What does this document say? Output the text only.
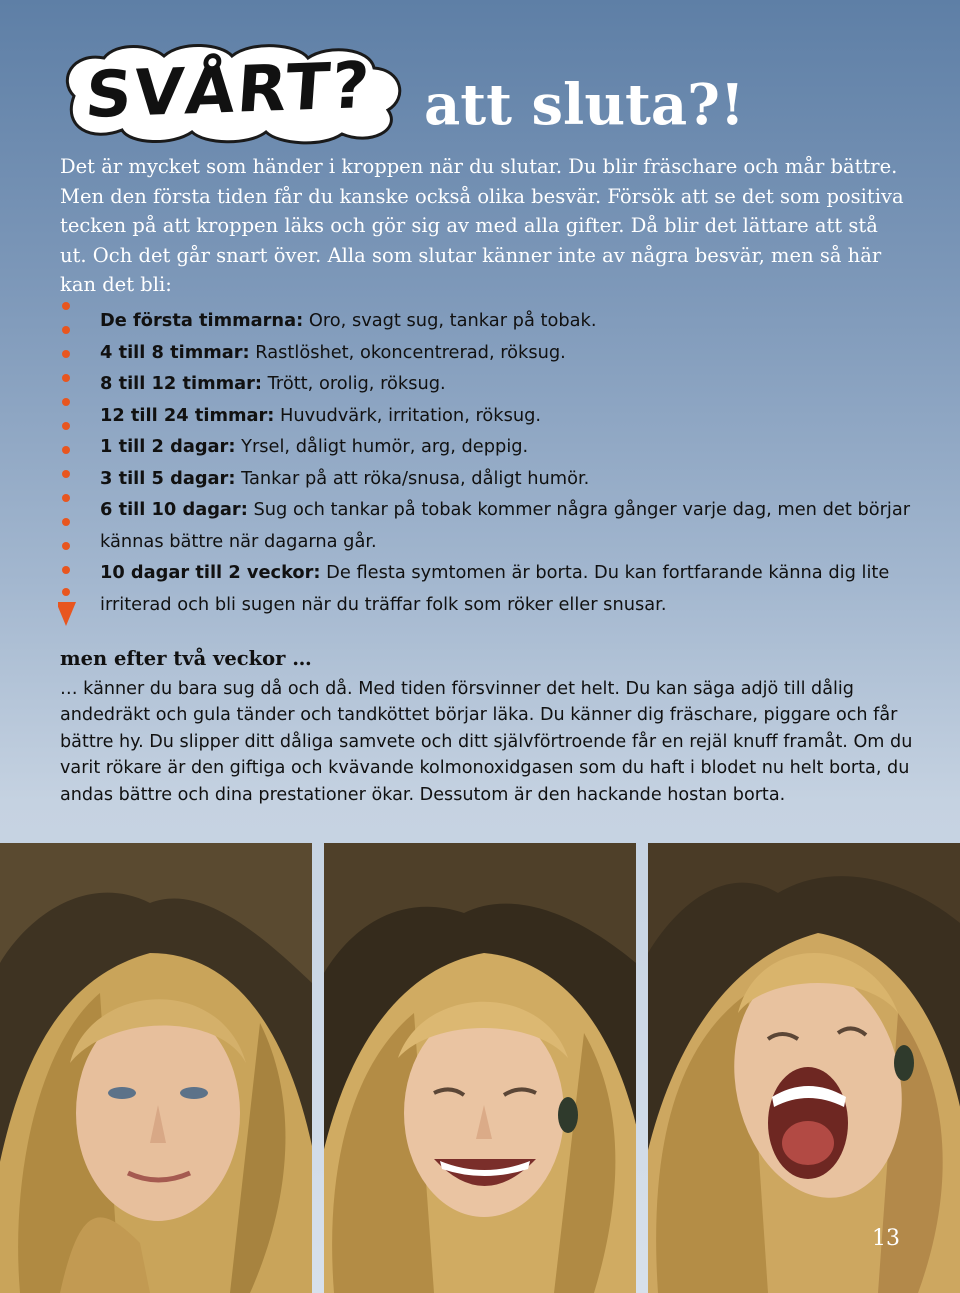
SVÅRT? att sluta?!

Det är mycket som händer i kroppen när du slutar. Du blir fräschare och mår bättre. Men den första tiden får du kanske också olika besvär. Försök att se det som positiva tecken på att kroppen läks och gör sig av med alla gifter. Då blir det lättare att stå ut. Och det går snart över. Alla som slutar känner inte av några besvär, men så här kan det bli:

De första timmarna: Oro, svagt sug, tankar på tobak.
4 till 8 timmar: Rastlöshet, okoncentrerad, röksug.
8 till 12 timmar: Trött, orolig, röksug.
12 till 24 timmar: Huvudvärk, irritation, röksug.
1 till 2 dagar: Yrsel, dåligt humör, arg, deppig.
3 till 5 dagar: Tankar på att röka/snusa, dåligt humör.
6 till 10 dagar: Sug och tankar på tobak kommer några gånger varje dag, men det börjar kännas bättre när dagarna går.
10 dagar till 2 veckor: De flesta symtomen är borta. Du kan fortfarande känna dig lite irriterad och bli sugen när du träffar folk som röker eller snusar.
men efter två veckor …

… känner du bara sug då och då. Med tiden försvinner det helt. Du kan säga adjö till dålig andedräkt och gula tänder och tandköttet börjar läka. Du känner dig fräschare, piggare och får bättre hy. Du slipper ditt dåliga samvete och ditt självförtroende får en rejäl knuff framåt. Om du varit rökare är den giftiga och kvävande kolmonoxidgasen som du haft i blodet nu helt borta, du andas bättre och dina prestationer ökar. Dessutom är den hackande hostan borta.

13
